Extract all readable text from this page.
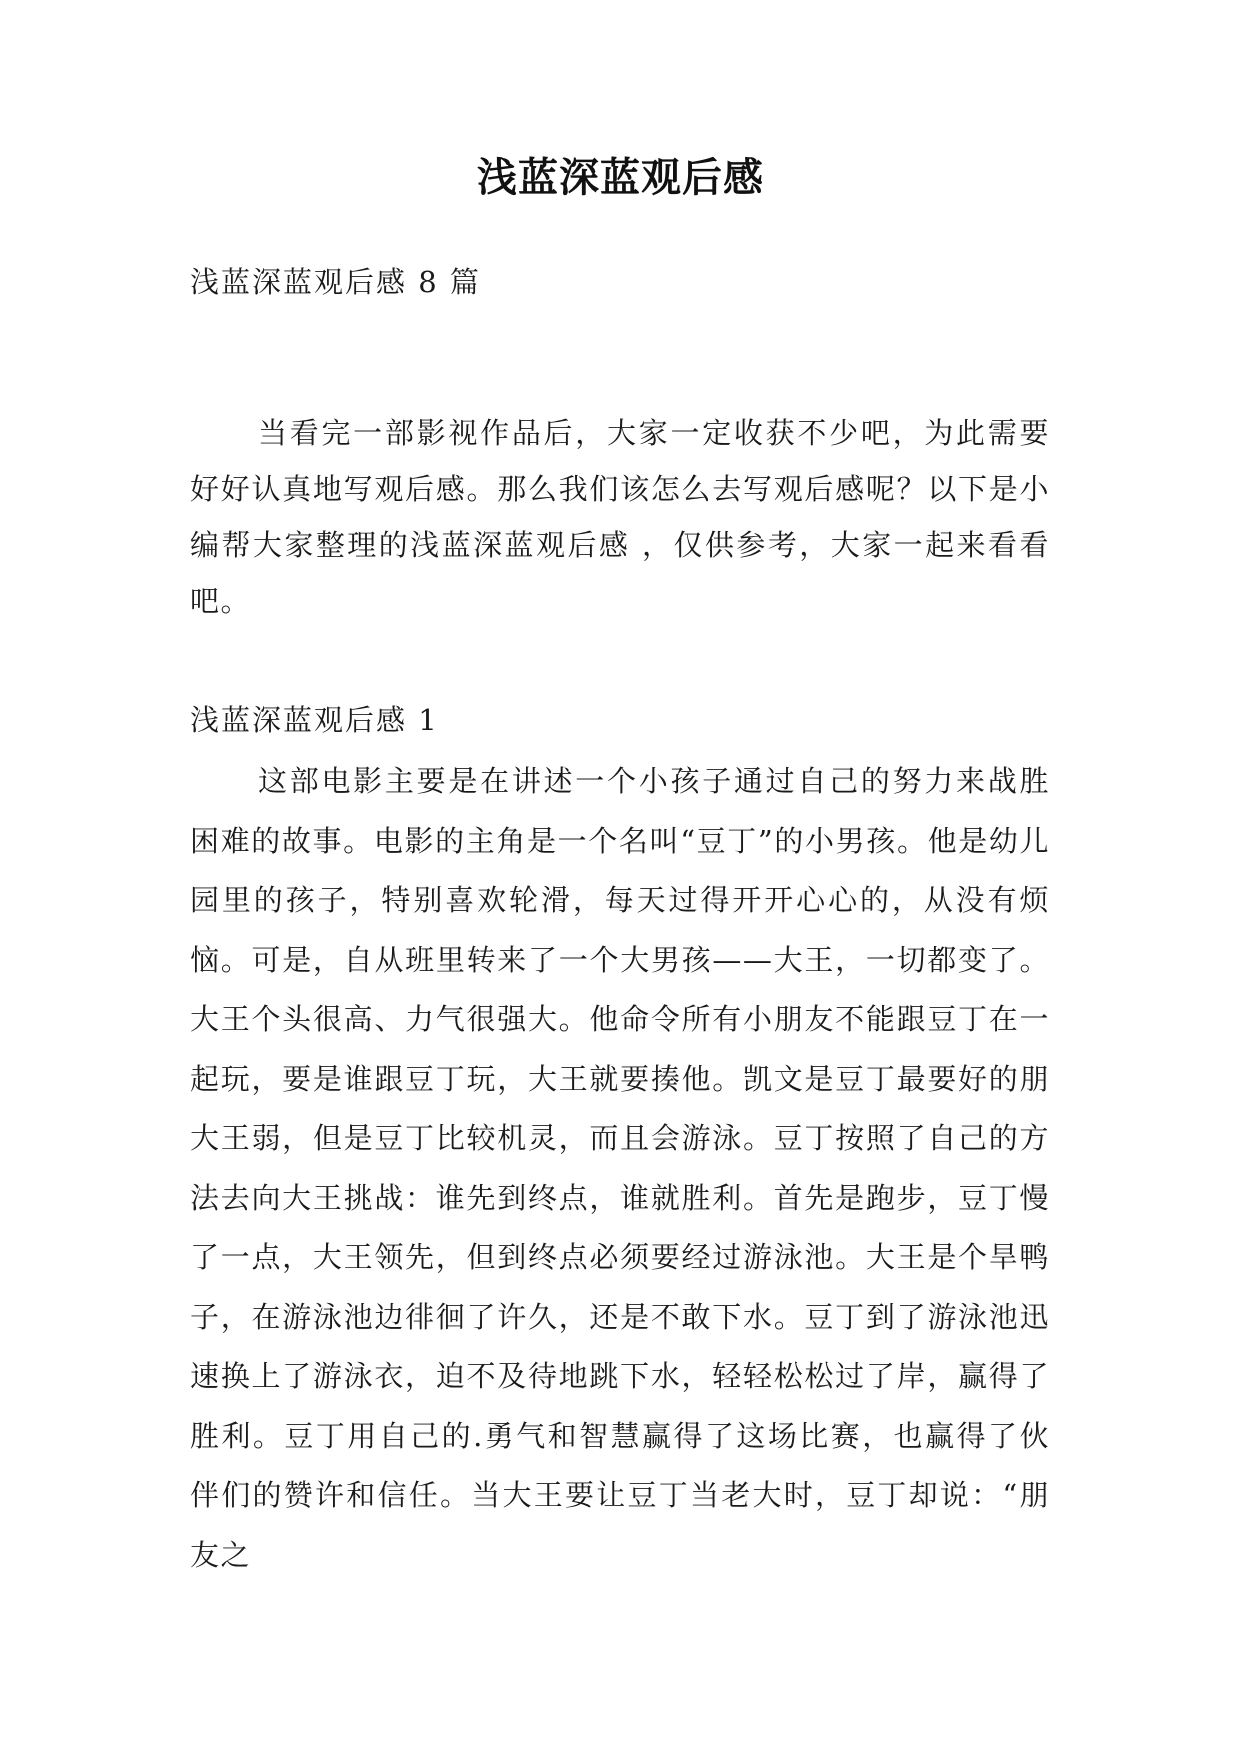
浅蓝深蓝观后感
浅蓝深蓝观后感 8 篇

当看完一部影视作品后，大家一定收获不少吧，为此需要好好认真地写观后感。那么我们该怎么去写观后感呢？以下是小编帮大家整理的浅蓝深蓝观后感 ，仅供参考，大家一起来看看吧。

浅蓝深蓝观后感 1

这部电影主要是在讲述一个小孩子通过自己的努力来战胜困难的故事。电影的主角是一个名叫“豆丁”的小男孩。他是幼儿园里的孩子，特别喜欢轮滑，每天过得开开心心的，从没有烦恼。可是，自从班里转来了一个大男孩——大王，一切都变了。大王个头很高、力气很强大。他命令所有小朋友不能跟豆丁在一起玩，要是谁跟豆丁玩，大王就要揍他。凯文是豆丁最要好的朋大王弱，但是豆丁比较机灵，而且会游泳。豆丁按照了自己的方法去向大王挑战：谁先到终点，谁就胜利。首先是跑步，豆丁慢了一点，大王领先，但到终点必须要经过游泳池。大王是个旱鸭子，在游泳池边徘徊了许久，还是不敢下水。豆丁到了游泳池迅速换上了游泳衣，迫不及待地跳下水，轻轻松松过了岸，赢得了胜利。豆丁用自己的.勇气和智慧赢得了这场比赛，也赢得了伙伴们的赞许和信任。当大王要让豆丁当老大时，豆丁却说：“朋友之
